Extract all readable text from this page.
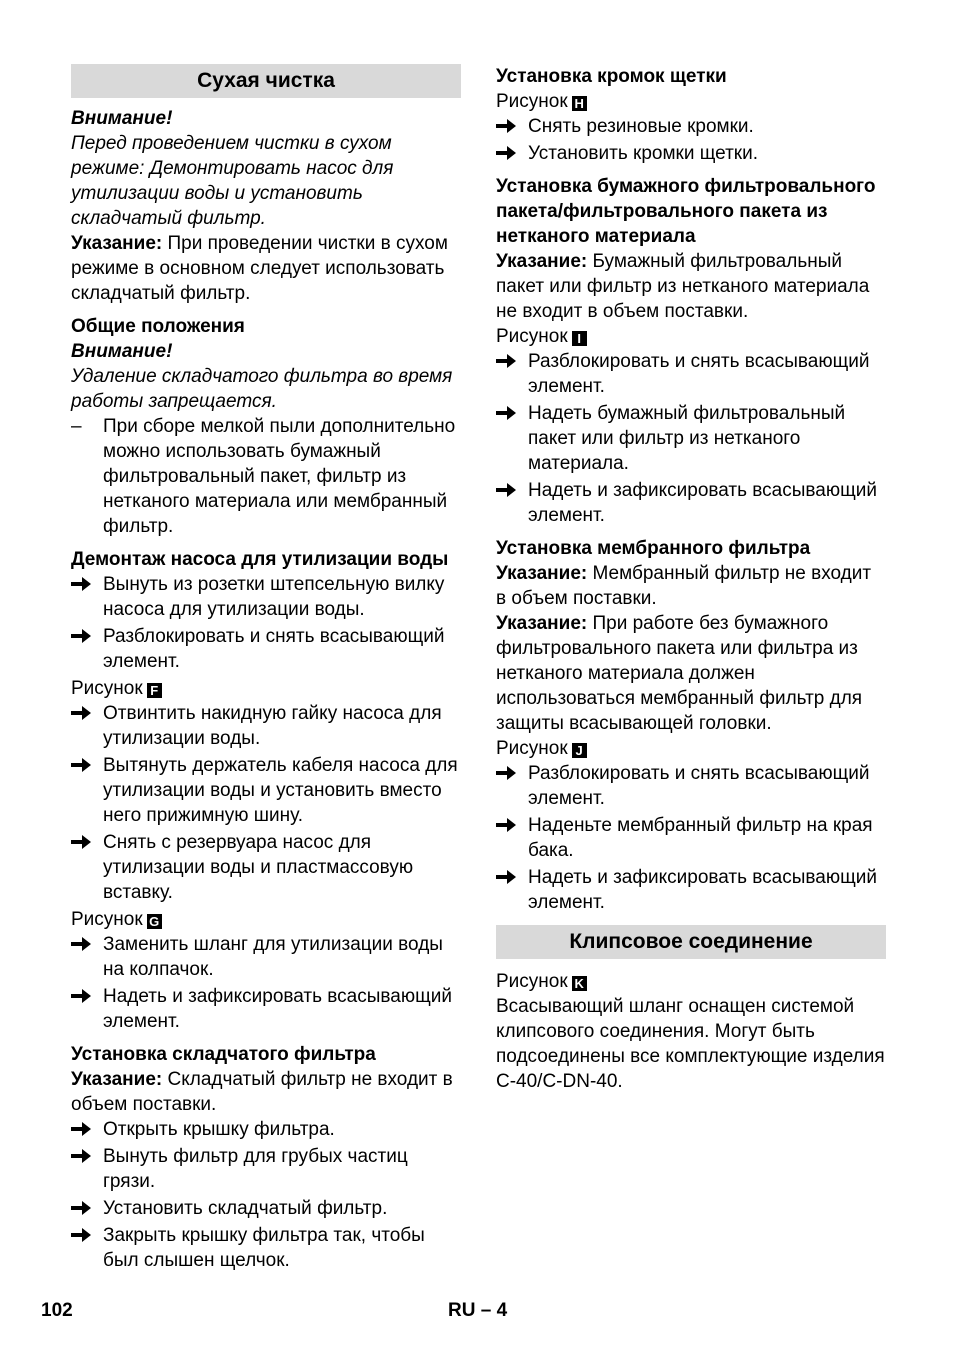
Сухая чистка
Внимание!
Перед проведением чистки в сухом режиме: Демонтировать насос для утилизации воды и установить складчатый фильтр.
Указание: При проведении чистки в сухом режиме в основном следует использовать складчатый фильтр.
Общие положения
Внимание!
Удаление складчатого фильтра во время работы запрещается.
– При сборе мелкой пыли дополнительно можно использовать бумажный фильтровальный пакет, фильтр из нетканого материала или мембранный фильтр.
Демонтаж насоса для утилизации воды
Вынуть из розетки штепсельную вилку насоса для утилизации воды.
Разблокировать и снять всасывающий элемент.
Рисунок F
Отвинтить накидную гайку насоса для утилизации воды.
Вытянуть держатель кабеля насоса для утилизации воды и установить вместо него прижимную шину.
Снять с резервуара насос для утилизации воды и пластмассовую вставку.
Рисунок G
Заменить шланг для утилизации воды на колпачок.
Надеть и зафиксировать всасывающий элемент.
Установка складчатого фильтра
Указание: Складчатый фильтр не входит в объем поставки.
Открыть крышку фильтра.
Вынуть фильтр для грубых частиц грязи.
Установить складчатый фильтр.
Закрыть крышку фильтра так, чтобы был слышен щелчок.
Установка кромок щетки
Рисунок H
Снять резиновые кромки.
Установить кромки щетки.
Установка бумажного фильтровального пакета/фильтровального пакета из нетканого материала
Указание: Бумажный фильтровальный пакет или фильтр из нетканого материала не входит в объем поставки.
Рисунок I
Разблокировать и снять всасывающий элемент.
Надеть бумажный фильтровальный пакет или фильтр из нетканого материала.
Надеть и зафиксировать всасывающий элемент.
Установка мембранного фильтра
Указание: Мембранный фильтр не входит в объем поставки.
Указание: При работе без бумажного фильтровального пакета или фильтра из нетканого материала должен использоваться мембранный фильтр для защиты всасывающей головки.
Рисунок J
Разблокировать и снять всасывающий элемент.
Наденьте мембранный фильтр на края бака.
Надеть и зафиксировать всасывающий элемент.
Клипсовое соединение
Рисунок K
Всасывающий шланг оснащен системой клипсового соединения. Могут быть подсоединены все комплектующие изделия C-40/C-DN-40.
102	RU – 4
